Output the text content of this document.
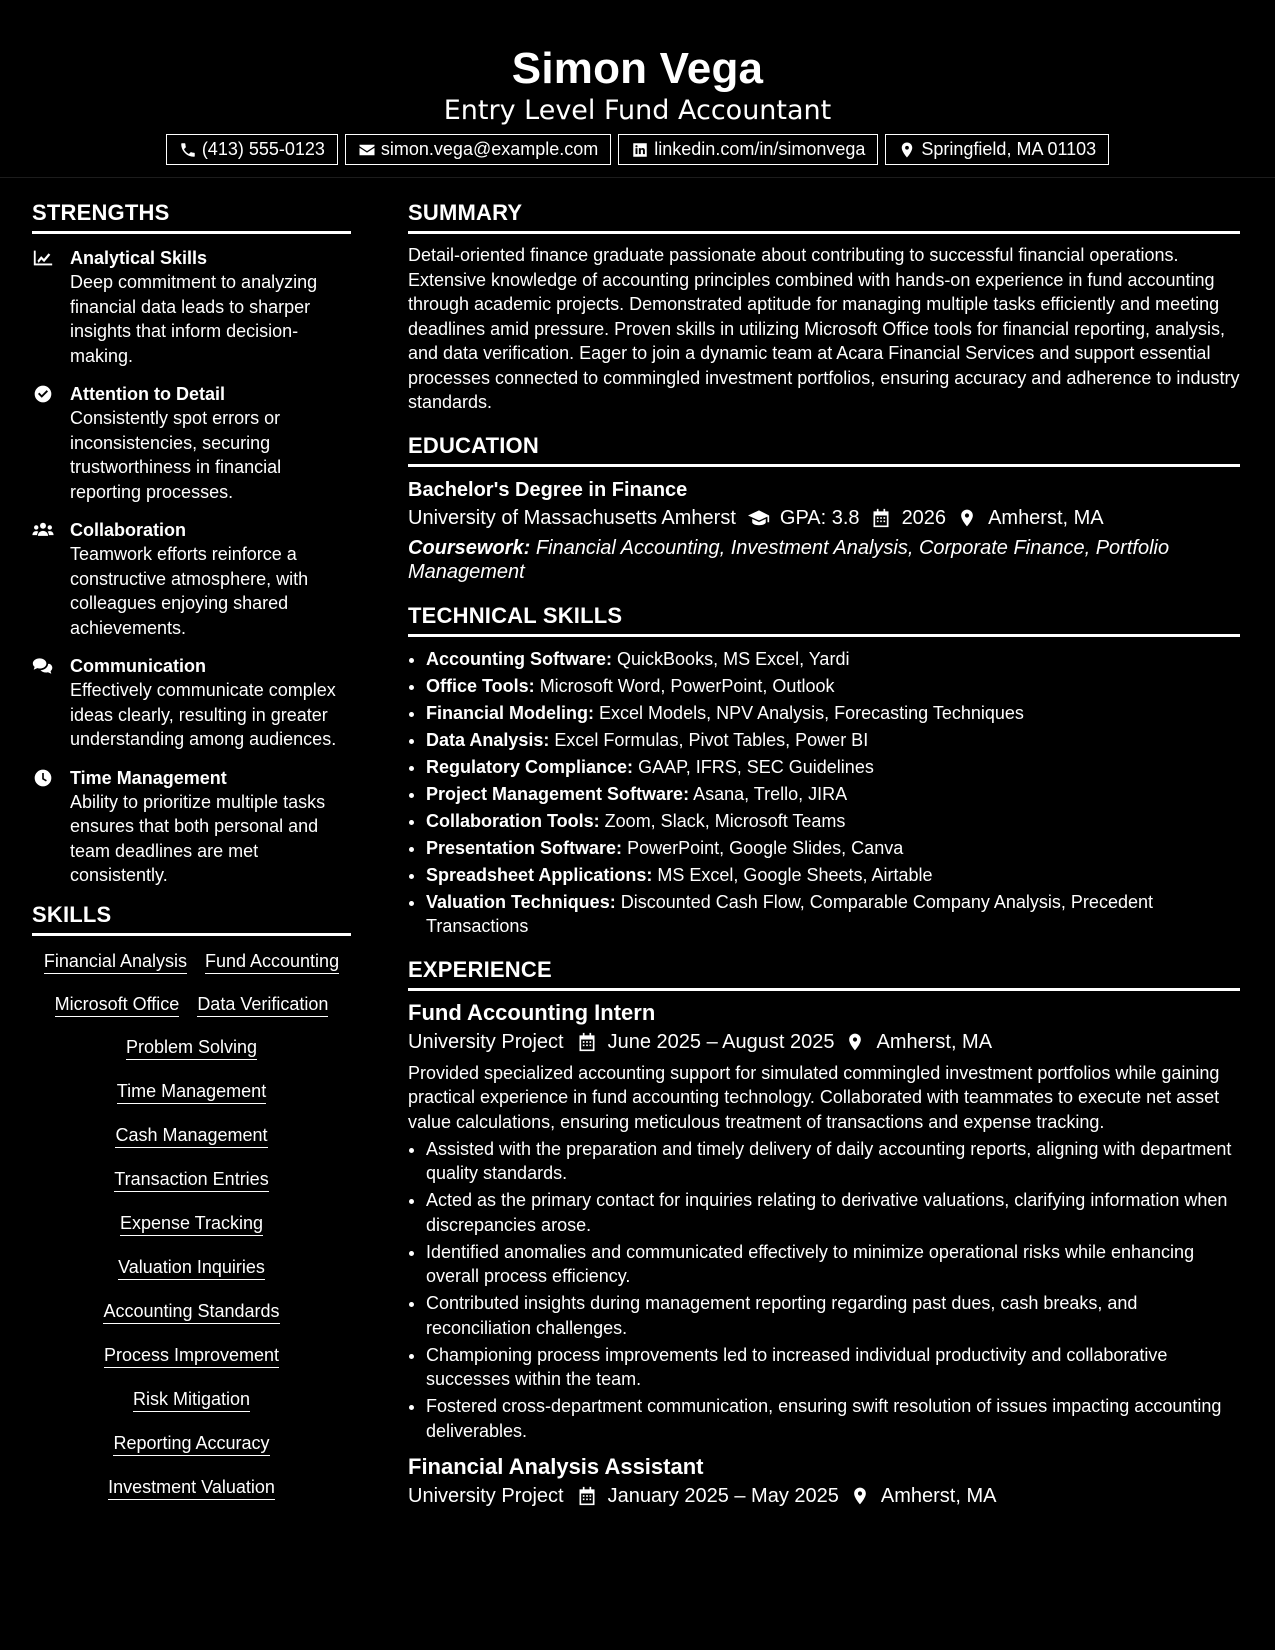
Simon Vega
Entry Level Fund Accountant
(413) 555-0123	simon.vega@example.com	linkedin.com/in/simonvega	Springfield, MA 01103
STRENGTHS
Analytical Skills
Deep commitment to analyzing financial data leads to sharper insights that inform decision-making.
Attention to Detail
Consistently spot errors or inconsistencies, securing trustworthiness in financial reporting processes.
Collaboration
Teamwork efforts reinforce a constructive atmosphere, with colleagues enjoying shared achievements.
Communication
Effectively communicate complex ideas clearly, resulting in greater understanding among audiences.
Time Management
Ability to prioritize multiple tasks ensures that both personal and team deadlines are met consistently.
SKILLS
Financial Analysis Fund Accounting
Microsoft Office Data Verification
Problem Solving
Time Management
Cash Management
Transaction Entries
Expense Tracking
Valuation Inquiries
Accounting Standards
Process Improvement
Risk Mitigation
Reporting Accuracy
Investment Valuation
SUMMARY
Detail-oriented finance graduate passionate about contributing to successful financial operations. Extensive knowledge of accounting principles combined with hands-on experience in fund accounting through academic projects. Demonstrated aptitude for managing multiple tasks efficiently and meeting deadlines amid pressure. Proven skills in utilizing Microsoft Office tools for financial reporting, analysis, and data verification. Eager to join a dynamic team at Acara Financial Services and support essential processes connected to commingled investment portfolios, ensuring accuracy and adherence to industry standards.
EDUCATION
Bachelor's Degree in Finance
University of Massachusetts Amherst GPA: 3.8 2026 Amherst, MA
Coursework: Financial Accounting, Investment Analysis, Corporate Finance, Portfolio Management
TECHNICAL SKILLS
• Accounting Software: QuickBooks, MS Excel, Yardi
• Office Tools: Microsoft Word, PowerPoint, Outlook
• Financial Modeling: Excel Models, NPV Analysis, Forecasting Techniques
• Data Analysis: Excel Formulas, Pivot Tables, Power BI
• Regulatory Compliance: GAAP, IFRS, SEC Guidelines
• Project Management Software: Asana, Trello, JIRA
• Collaboration Tools: Zoom, Slack, Microsoft Teams
• Presentation Software: PowerPoint, Google Slides, Canva
• Spreadsheet Applications: MS Excel, Google Sheets, Airtable
• Valuation Techniques: Discounted Cash Flow, Comparable Company Analysis, Precedent Transactions
EXPERIENCE
Fund Accounting Intern
University Project June 2025 – August 2025 Amherst, MA
Provided specialized accounting support for simulated commingled investment portfolios while gaining practical experience in fund accounting technology. Collaborated with teammates to execute net asset value calculations, ensuring meticulous treatment of transactions and expense tracking.
• Assisted with the preparation and timely delivery of daily accounting reports, aligning with department quality standards.
• Acted as the primary contact for inquiries relating to derivative valuations, clarifying information when discrepancies arose.
• Identified anomalies and communicated effectively to minimize operational risks while enhancing overall process efficiency.
• Contributed insights during management reporting regarding past dues, cash breaks, and reconciliation challenges.
• Championing process improvements led to increased individual productivity and collaborative successes within the team.
• Fostered cross-department communication, ensuring swift resolution of issues impacting accounting deliverables.
Financial Analysis Assistant
University Project January 2025 – May 2025 Amherst, MA
